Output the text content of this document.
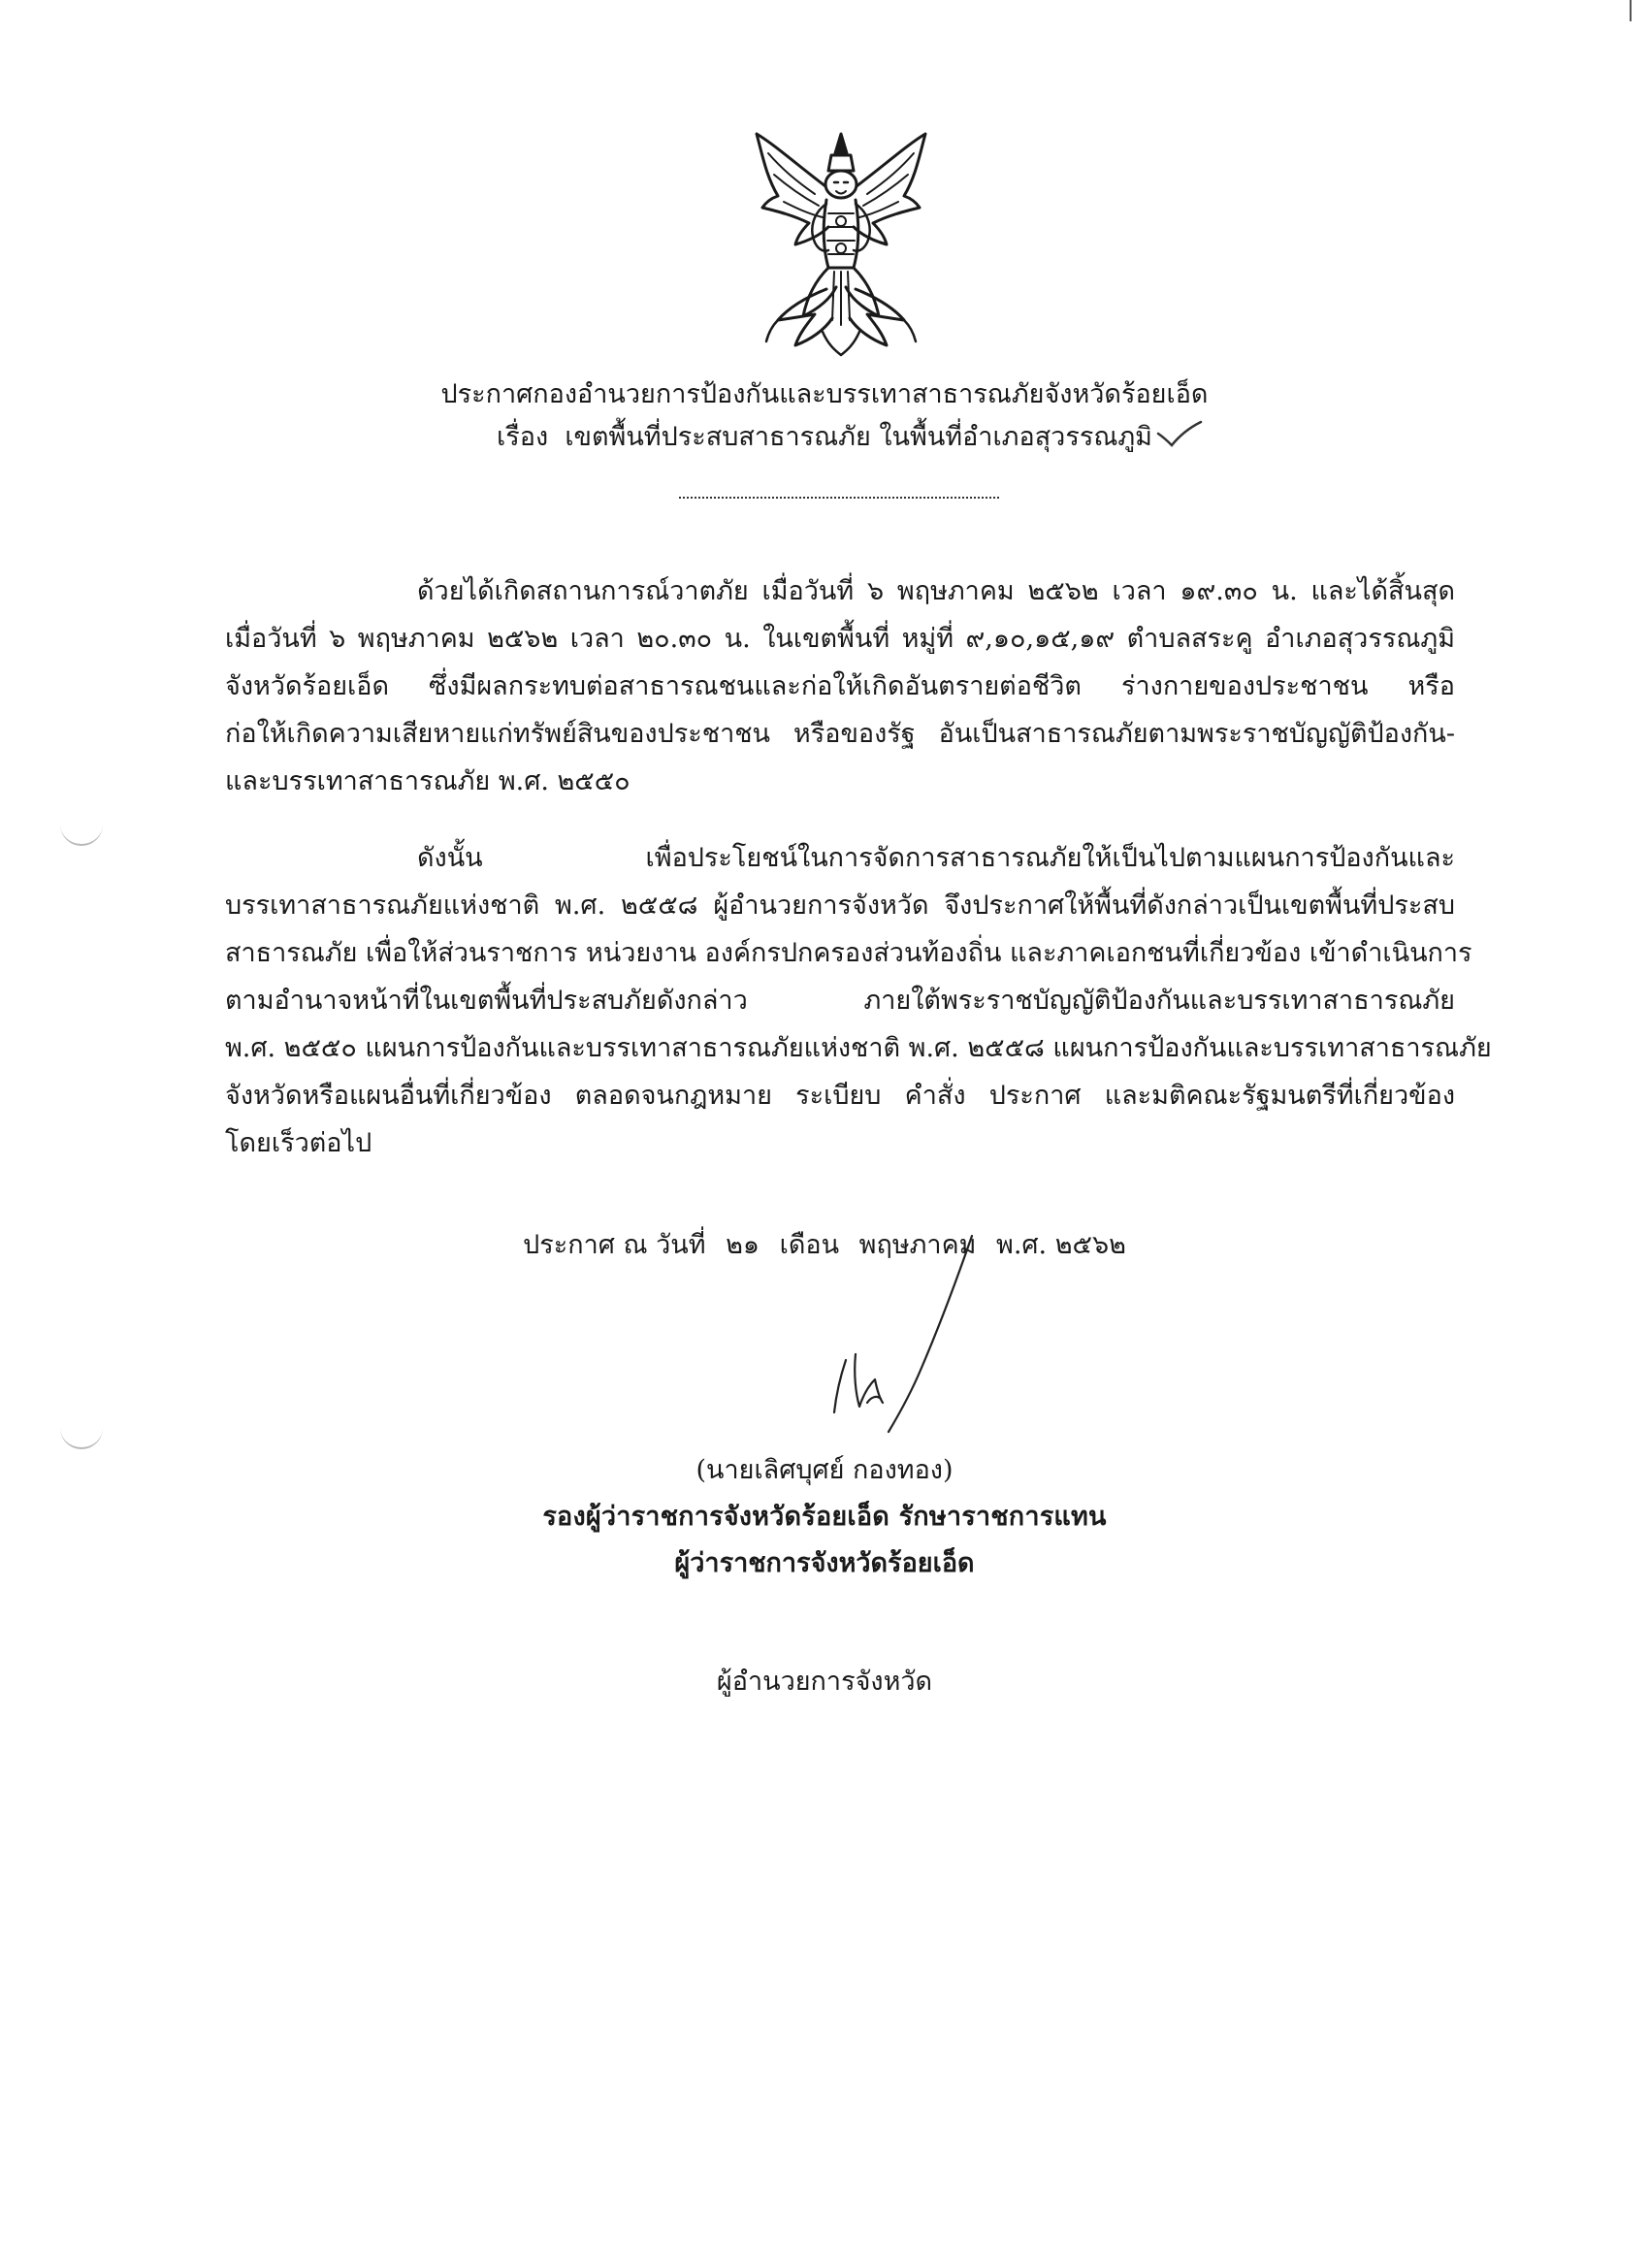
ประกาศกองอำนวยการป้องกันและบรรเทาสาธารณภัยจังหวัดร้อยเอ็ด
เรื่อง เขตพื้นที่ประสบสาธารณภัย ในพื้นที่อำเภอสุวรรณภูมิ
ด้วยได้เกิดสถานการณ์วาตภัย เมื่อวันที่ ๖ พฤษภาคม ๒๕๖๒ เวลา ๑๙.๓๐ น. และได้สิ้นสุด
เมื่อวันที่ ๖ พฤษภาคม ๒๕๖๒ เวลา ๒๐.๓๐ น. ในเขตพื้นที่ หมู่ที่ ๙,๑๐,๑๕,๑๙ ตำบลสระคู อำเภอสุวรรณภูมิ
จังหวัดร้อยเอ็ด ซึ่งมีผลกระทบต่อสาธารณชนและก่อให้เกิดอันตรายต่อชีวิต ร่างกายของประชาชน หรือ
ก่อให้เกิดความเสียหายแก่ทรัพย์สินของประชาชน หรือของรัฐ อันเป็นสาธารณภัยตามพระราชบัญญัติป้องกัน-
และบรรเทาสาธารณภัย พ.ศ. ๒๕๕๐
ดังนั้น เพื่อประโยชน์ในการจัดการสาธารณภัยให้เป็นไปตามแผนการป้องกันและ
บรรเทาสาธารณภัยแห่งชาติ พ.ศ. ๒๕๕๘ ผู้อำนวยการจังหวัด จึงประกาศให้พื้นที่ดังกล่าวเป็นเขตพื้นที่ประสบ
สาธารณภัย เพื่อให้ส่วนราชการ หน่วยงาน องค์กรปกครองส่วนท้องถิ่น และภาคเอกชนที่เกี่ยวข้อง เข้าดำเนินการ
ตามอำนาจหน้าที่ในเขตพื้นที่ประสบภัยดังกล่าว ภายใต้พระราชบัญญัติป้องกันและบรรเทาสาธารณภัย
พ.ศ. ๒๕๕๐ แผนการป้องกันและบรรเทาสาธารณภัยแห่งชาติ พ.ศ. ๒๕๕๘ แผนการป้องกันและบรรเทาสาธารณภัย
จังหวัดหรือแผนอื่นที่เกี่ยวข้อง ตลอดจนกฎหมาย ระเบียบ คำสั่ง ประกาศ และมติคณะรัฐมนตรีที่เกี่ยวข้อง
โดยเร็วต่อไป
ประกาศ ณ วันที่ ๒๑ เดือน พฤษภาคม พ.ศ. ๒๕๖๒
(นายเลิศบุศย์ กองทอง)
รองผู้ว่าราชการจังหวัดร้อยเอ็ด รักษาราชการแทน
ผู้ว่าราชการจังหวัดร้อยเอ็ด
ผู้อำนวยการจังหวัด
